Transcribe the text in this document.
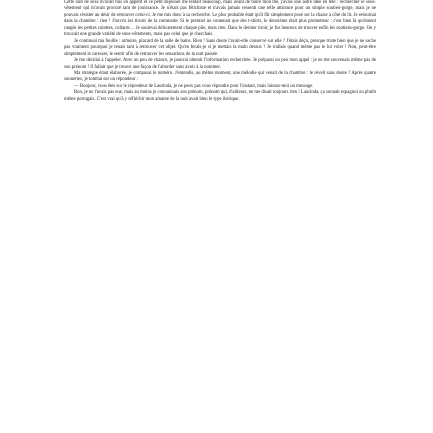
Cette nuit de sexe m'avait mis en appétit et ce petit déjeuner me tentait beaucoup, mais avant de boire mon thé, j'avais une autre idée en tête : rechercher le sous-vêtement qui m'avait procuré tant de jouissance. Je n'étais pas fétichiste et n'avais jamais ressenti une telle attirance pour un simple soutien-gorge, mais je ne pouvais résister au désir de retrouver celui-ci. Je me mis donc à sa recherche. Le plus probable était qu'il fût simplement posé sur la chaise à côté du lit. Je retournai dans la chambre : rien ! J'ouvris les tiroirs de la commode. Si le premier ne contenait que des t-shirts, le deuxième était plus prometteur : c'est bien là qu'étaient rangés les petites culottes, collants… Je soulevai délicatement chaque pile, mais rien. Dans le dernier tiroir, je fus heureux de trouver enfin les soutiens-gorge. On y trouvait une grande variété de sous-vêtements, mais pas celui que je cherchais.

Je continuai ma fouille : armoire, placard de la salle de bains. Rien ! Sans doute l'avait-elle conservé sur elle ? J'étais déçu, presque triste bien que je ne sache pas vraiment pourquoi je tenais tant à retrouver cet objet. Qu'en ferais-je si je mettais la main dessus ? Je n'allais quand même pas le lui voler ! Non, peut-être simplement le caresser, le sentir afin de retrouver les sensations de la nuit passée.

Je me décidai à l'appeler. Avec un peu de chance, je pourrai obtenir l'information recherchée. Je préparai un peu mon appel : je ne me souvenais même pas de son prénom ! Il fallait que je trouve une façon de l'aborder sans avoir à la nommer.

Ma stratégie étant élaborée, je composai le numéro. J'entendis, au même moment, une mélodie qui venait de la chambre : le réveil sans doute ? Après quatre sonneries, je tombai sur un répondeur :

— Bonjour, vous êtes sur le répondeur de Laurinda, je ne peux pas vous répondre pour l'instant, mais laissez-moi un message.

Bon, je ne l'avais pas eue, mais au moins je connaissais son prénom, prénom qui, d'ailleurs, ne me disait toujours rien ! Laurinda, ça sonnait espagnol ou plutôt même portugais. C'est vrai qu'à y réfléchir mon amante de la nuit avait bien le type ibérique.
